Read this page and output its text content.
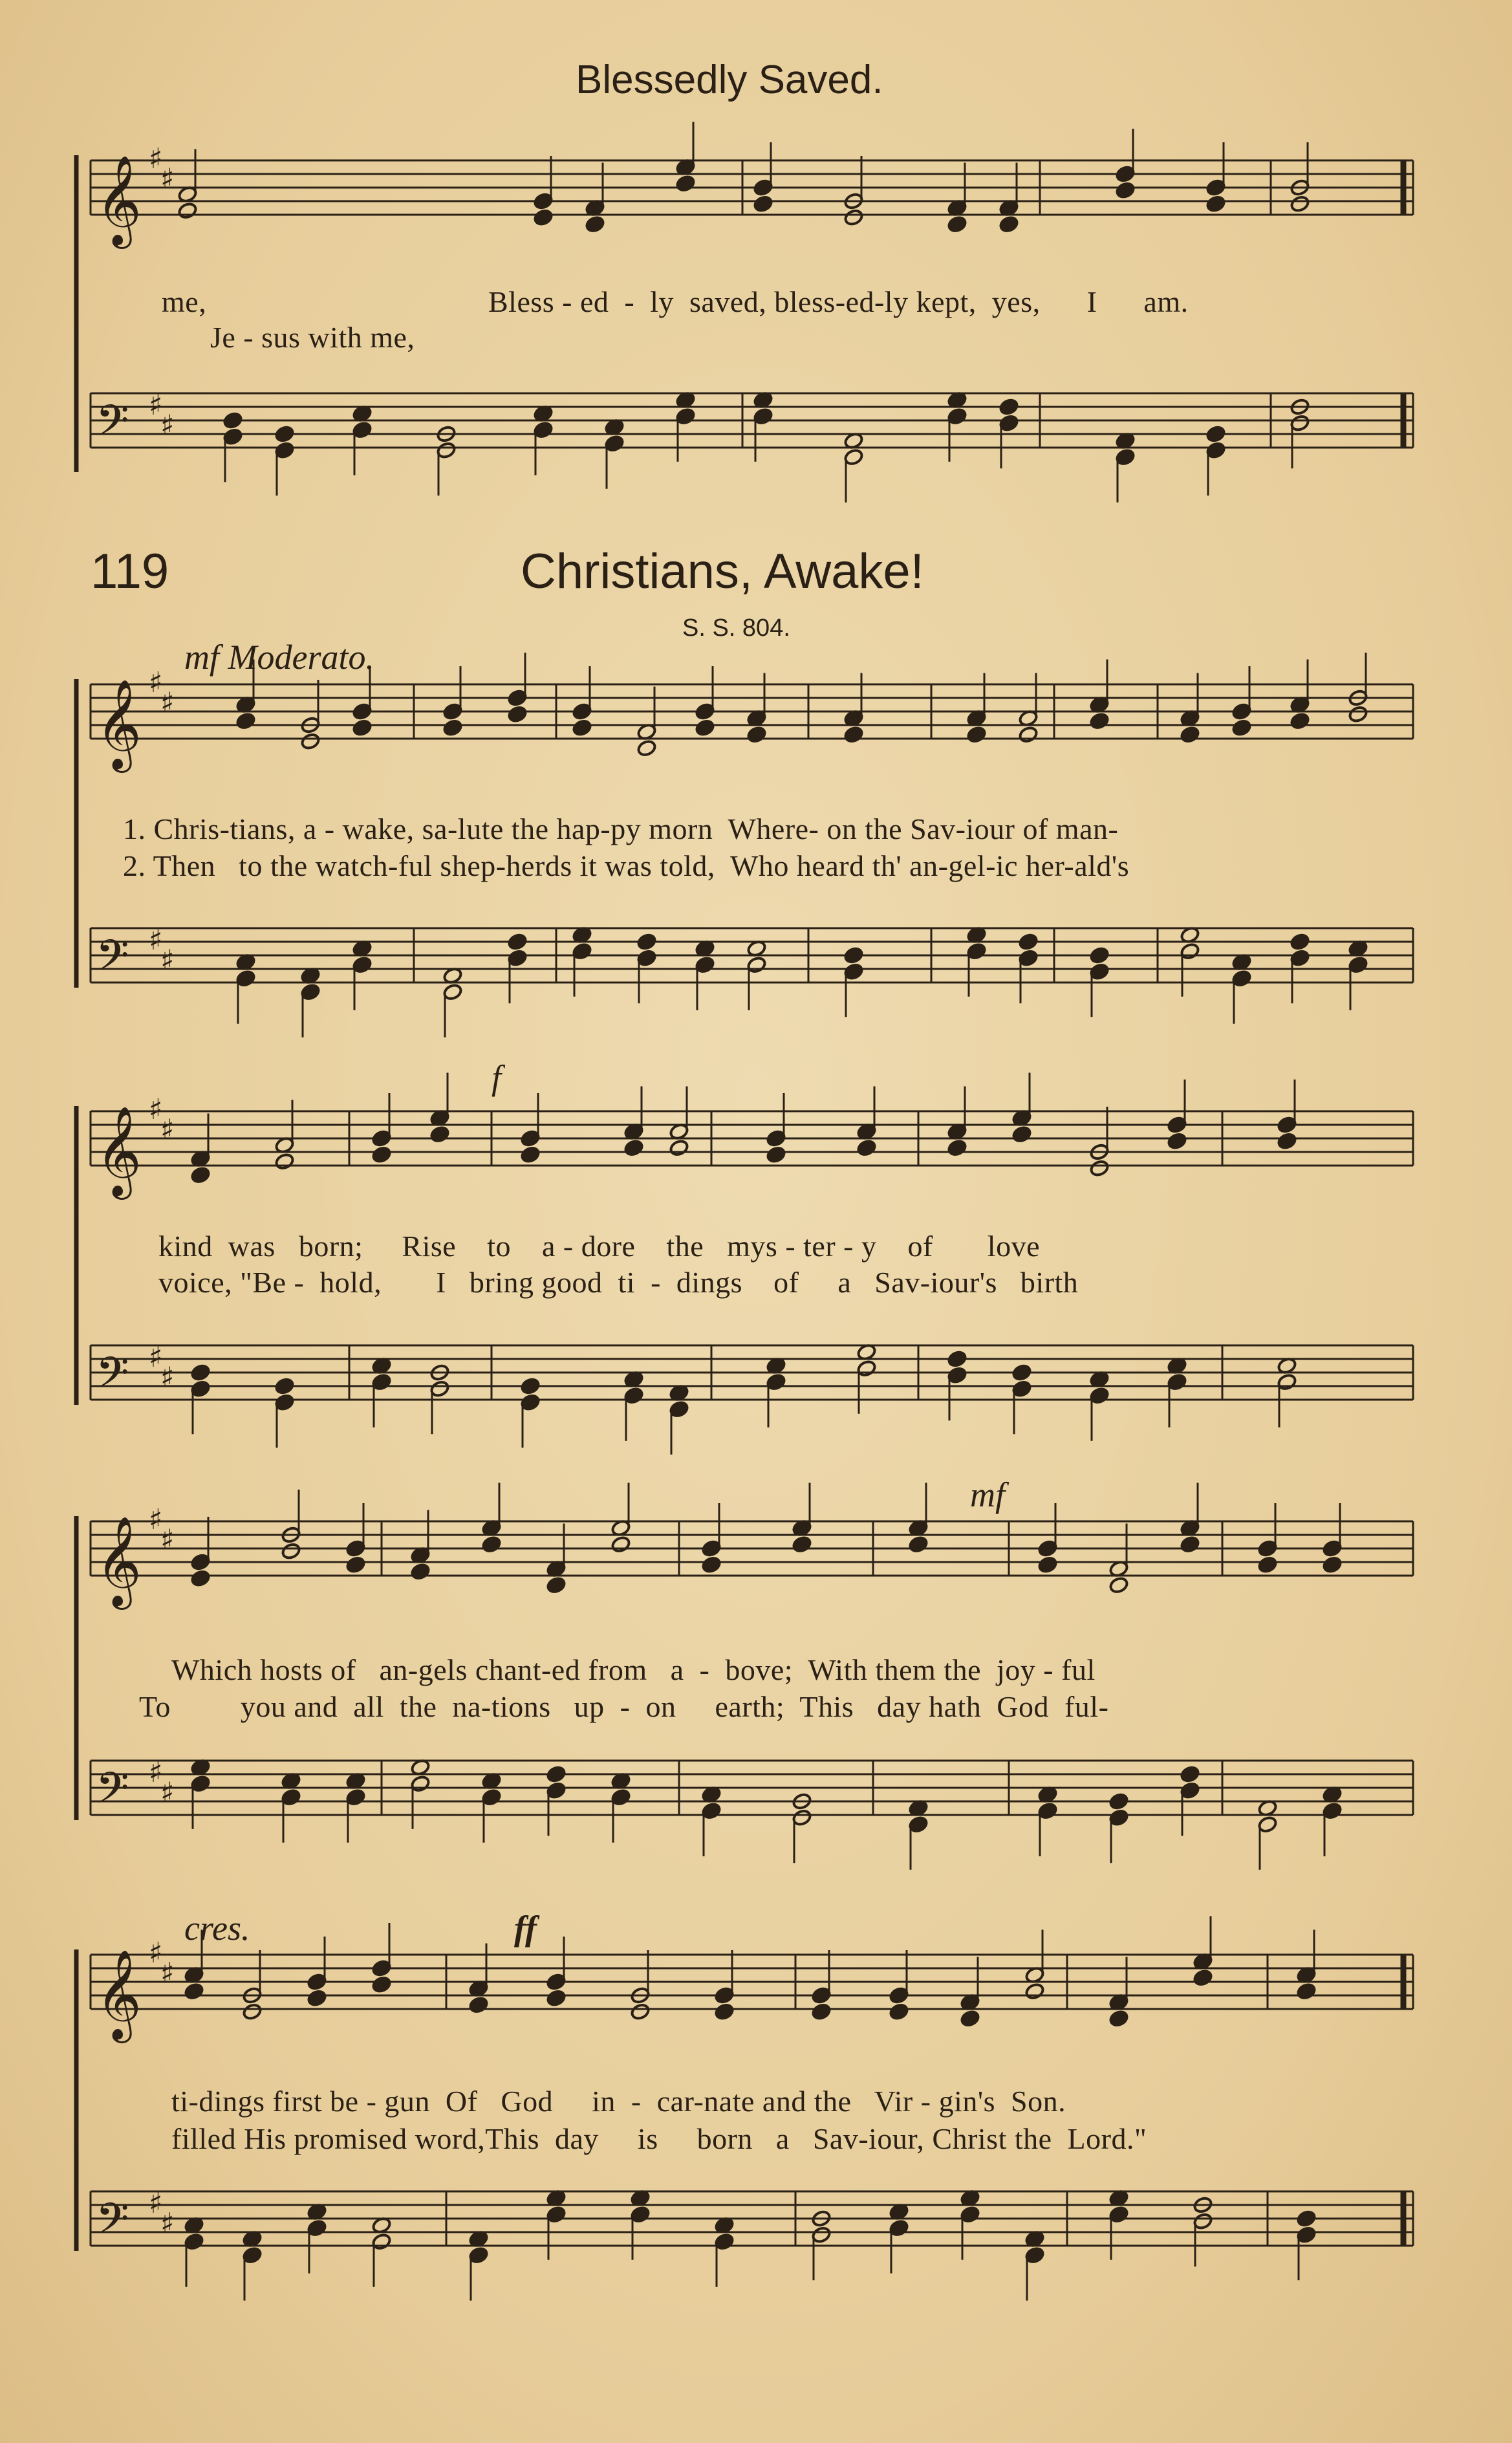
Blessedly Saved.
me,	Bless - ed  -  ly  saved, bless-ed-ly kept,  yes,      I      am.
Je - sus with me,
119	Christians, Awake!
S. S. 804.
mf Moderato.
1. Chris-tians, a - wake, sa-lute the hap-py morn  Where- on the Sav-iour of man-
2. Then   to the watch-ful shep-herds it was told,  Who heard th' an-gel-ic her-ald's
f
kind  was   born;     Rise    to    a - dore    the   mys - ter - y    of       love
voice, "Be -  hold,       I   bring good  ti  -  dings    of     a   Sav-iour's   birth
mf
Which hosts of   an-gels chant-ed from   a  -  bove;  With them the  joy - ful
To         you and  all  the  na-tions   up  -  on     earth;  This   day hath  God  ful-
cres.	ff
ti-dings first be - gun  Of   God     in  -  car-nate and the   Vir - gin's  Son.
filled His promised word,This  day     is     born   a   Sav-iour, Christ the  Lord."
𝄞 ♯
♯
𝄢 ♯
♯
𝄞 ♯
♯
𝄢 ♯
♯
𝄞 ♯
♯
𝄢 ♯
♯
𝄞 ♯
♯
𝄢 ♯
♯
𝄞 ♯
♯
𝄢 ♯
♯
